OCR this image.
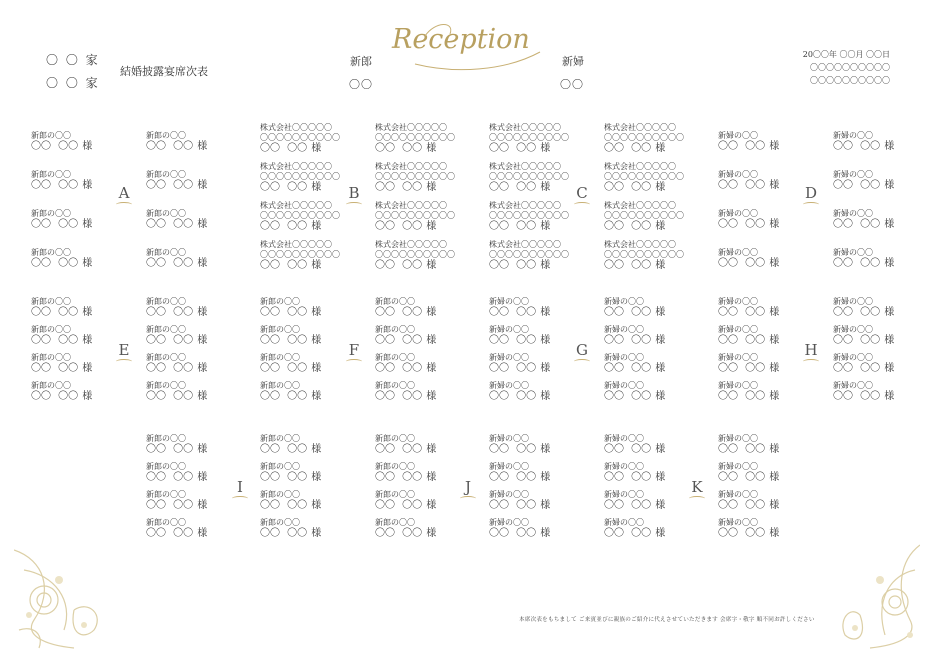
〇 〇 家
〇 〇 家
結婚披露宴席次表
Reception
新郎
〇〇
新婦
〇〇
20〇〇年 〇〇月 〇〇日
〇〇〇〇〇〇〇〇〇〇
〇〇〇〇〇〇〇〇〇〇
新郎の〇〇
〇〇 〇〇 様
新郎の〇〇
〇〇 〇〇 様
新郎の〇〇
〇〇 〇〇 様
新郎の〇〇
〇〇 〇〇 様
新郎の〇〇
〇〇 〇〇 様
新郎の〇〇
〇〇 〇〇 様
新郎の〇〇
〇〇 〇〇 様
新郎の〇〇
〇〇 〇〇 様
株式会社〇〇〇〇〇
〇〇〇〇〇〇〇〇〇〇
〇〇 〇〇 様
株式会社〇〇〇〇〇
〇〇〇〇〇〇〇〇〇〇
〇〇 〇〇 様
株式会社〇〇〇〇〇
〇〇〇〇〇〇〇〇〇〇
〇〇 〇〇 様
株式会社〇〇〇〇〇
〇〇〇〇〇〇〇〇〇〇
〇〇 〇〇 様
株式会社〇〇〇〇〇
〇〇〇〇〇〇〇〇〇〇
〇〇 〇〇 様
株式会社〇〇〇〇〇
〇〇〇〇〇〇〇〇〇〇
〇〇 〇〇 様
株式会社〇〇〇〇〇
〇〇〇〇〇〇〇〇〇〇
〇〇 〇〇 様
株式会社〇〇〇〇〇
〇〇〇〇〇〇〇〇〇〇
〇〇 〇〇 様
株式会社〇〇〇〇〇
〇〇〇〇〇〇〇〇〇〇
〇〇 〇〇 様
株式会社〇〇〇〇〇
〇〇〇〇〇〇〇〇〇〇
〇〇 〇〇 様
株式会社〇〇〇〇〇
〇〇〇〇〇〇〇〇〇〇
〇〇 〇〇 様
株式会社〇〇〇〇〇
〇〇〇〇〇〇〇〇〇〇
〇〇 〇〇 様
株式会社〇〇〇〇〇
〇〇〇〇〇〇〇〇〇〇
〇〇 〇〇 様
株式会社〇〇〇〇〇
〇〇〇〇〇〇〇〇〇〇
〇〇 〇〇 様
株式会社〇〇〇〇〇
〇〇〇〇〇〇〇〇〇〇
〇〇 〇〇 様
株式会社〇〇〇〇〇
〇〇〇〇〇〇〇〇〇〇
〇〇 〇〇 様
新婦の〇〇
〇〇 〇〇 様
新婦の〇〇
〇〇 〇〇 様
新婦の〇〇
〇〇 〇〇 様
新婦の〇〇
〇〇 〇〇 様
新婦の〇〇
〇〇 〇〇 様
新婦の〇〇
〇〇 〇〇 様
新婦の〇〇
〇〇 〇〇 様
新婦の〇〇
〇〇 〇〇 様
A	B	C	D
新郎の〇〇
〇〇 〇〇 様
新郎の〇〇
〇〇 〇〇 様
新郎の〇〇
〇〇 〇〇 様
新郎の〇〇
〇〇 〇〇 様
新郎の〇〇
〇〇 〇〇 様
新郎の〇〇
〇〇 〇〇 様
新郎の〇〇
〇〇 〇〇 様
新郎の〇〇
〇〇 〇〇 様
新郎の〇〇
〇〇 〇〇 様
新郎の〇〇
〇〇 〇〇 様
新郎の〇〇
〇〇 〇〇 様
新郎の〇〇
〇〇 〇〇 様
新郎の〇〇
〇〇 〇〇 様
新郎の〇〇
〇〇 〇〇 様
新郎の〇〇
〇〇 〇〇 様
新郎の〇〇
〇〇 〇〇 様
新婦の〇〇
〇〇 〇〇 様
新婦の〇〇
〇〇 〇〇 様
新婦の〇〇
〇〇 〇〇 様
新婦の〇〇
〇〇 〇〇 様
新婦の〇〇
〇〇 〇〇 様
新婦の〇〇
〇〇 〇〇 様
新婦の〇〇
〇〇 〇〇 様
新婦の〇〇
〇〇 〇〇 様
新婦の〇〇
〇〇 〇〇 様
新婦の〇〇
〇〇 〇〇 様
新婦の〇〇
〇〇 〇〇 様
新婦の〇〇
〇〇 〇〇 様
新婦の〇〇
〇〇 〇〇 様
新婦の〇〇
〇〇 〇〇 様
新婦の〇〇
〇〇 〇〇 様
新婦の〇〇
〇〇 〇〇 様
E	F	G	H
新郎の〇〇
〇〇 〇〇 様
新郎の〇〇
〇〇 〇〇 様
新郎の〇〇
〇〇 〇〇 様
新郎の〇〇
〇〇 〇〇 様
新郎の〇〇
〇〇 〇〇 様
新郎の〇〇
〇〇 〇〇 様
新郎の〇〇
〇〇 〇〇 様
新郎の〇〇
〇〇 〇〇 様
新郎の〇〇
〇〇 〇〇 様
新郎の〇〇
〇〇 〇〇 様
新郎の〇〇
〇〇 〇〇 様
新郎の〇〇
〇〇 〇〇 様
新婦の〇〇
〇〇 〇〇 様
新婦の〇〇
〇〇 〇〇 様
新婦の〇〇
〇〇 〇〇 様
新婦の〇〇
〇〇 〇〇 様
新婦の〇〇
〇〇 〇〇 様
新婦の〇〇
〇〇 〇〇 様
新婦の〇〇
〇〇 〇〇 様
新婦の〇〇
〇〇 〇〇 様
新婦の〇〇
〇〇 〇〇 様
新婦の〇〇
〇〇 〇〇 様
新婦の〇〇
〇〇 〇〇 様
新婦の〇〇
〇〇 〇〇 様
I	J	K
本席次表をもちまして ご来賓並びに親族のご紹介に代えさせていただきます 会席字・敬字 順不同お許しください
